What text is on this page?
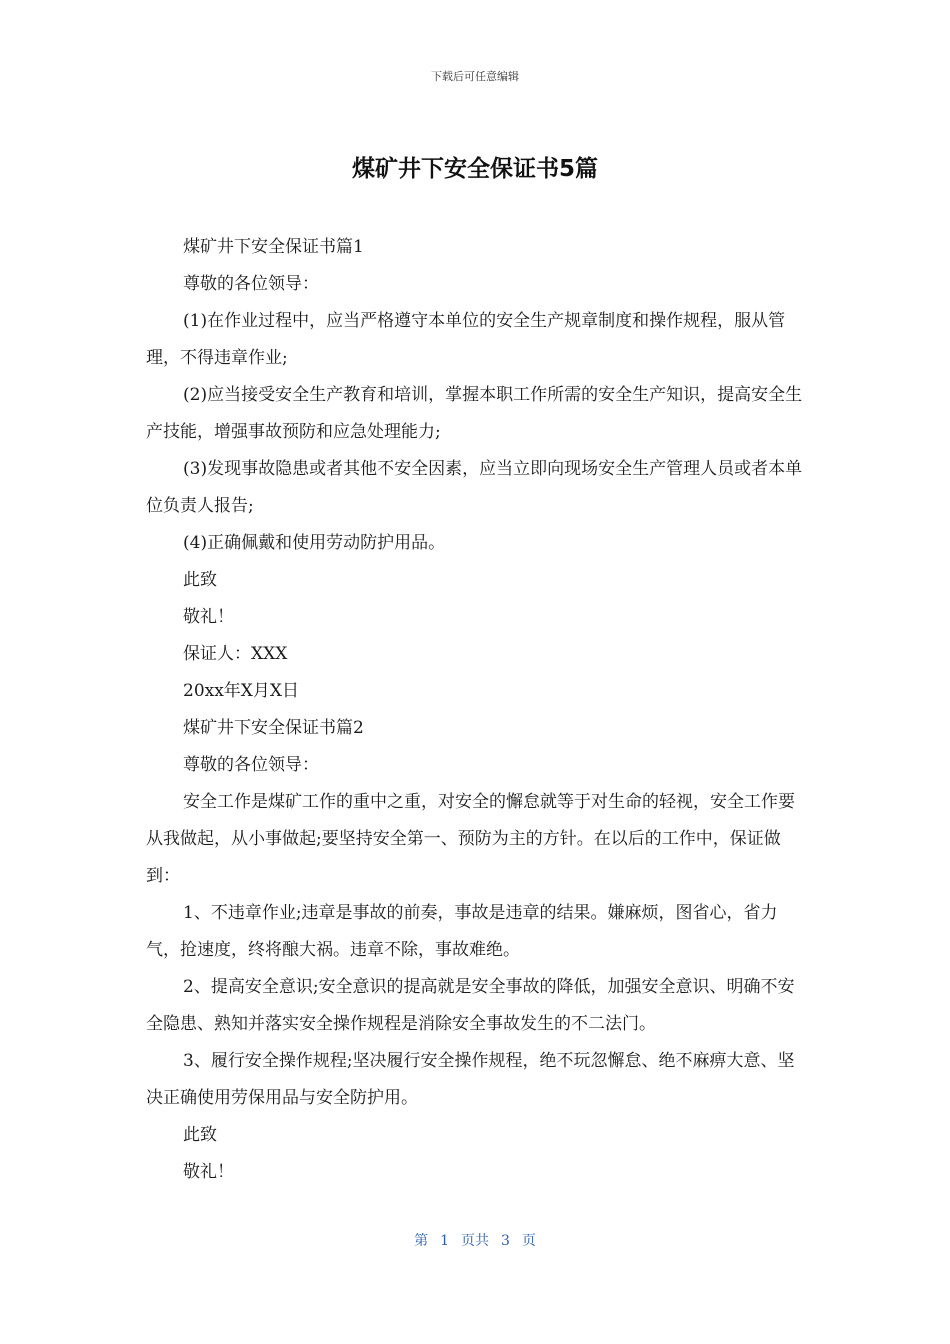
下载后可任意编辑
煤矿井下安全保证书5篇

煤矿井下安全保证书篇1

尊敬的各位领导：

(1)在作业过程中，应当严格遵守本单位的安全生产规章制度和操作规程，服从管理，不得违章作业;

(2)应当接受安全生产教育和培训，掌握本职工作所需的安全生产知识，提高安全生产技能，增强事故预防和应急处理能力;

(3)发现事故隐患或者其他不安全因素，应当立即向现场安全生产管理人员或者本单位负责人报告;

(4)正确佩戴和使用劳动防护用品。

此致

敬礼！

保证人：XXX

20xx年X月X日

煤矿井下安全保证书篇2

尊敬的各位领导：

安全工作是煤矿工作的重中之重，对安全的懈怠就等于对生命的轻视，安全工作要从我做起，从小事做起;要坚持安全第一、预防为主的方针。在以后的工作中，保证做到：

1、不违章作业;违章是事故的前奏，事故是违章的结果。嫌麻烦，图省心，省力气，抢速度，终将酿大祸。违章不除，事故难绝。

2、提高安全意识;安全意识的提高就是安全事故的降低，加强安全意识、明确不安全隐患、熟知并落实安全操作规程是消除安全事故发生的不二法门。

3、履行安全操作规程;坚决履行安全操作规程，绝不玩忽懈怠、绝不麻痹大意、坚决正确使用劳保用品与安全防护用。

此致

敬礼！

第 1 页共 3 页
